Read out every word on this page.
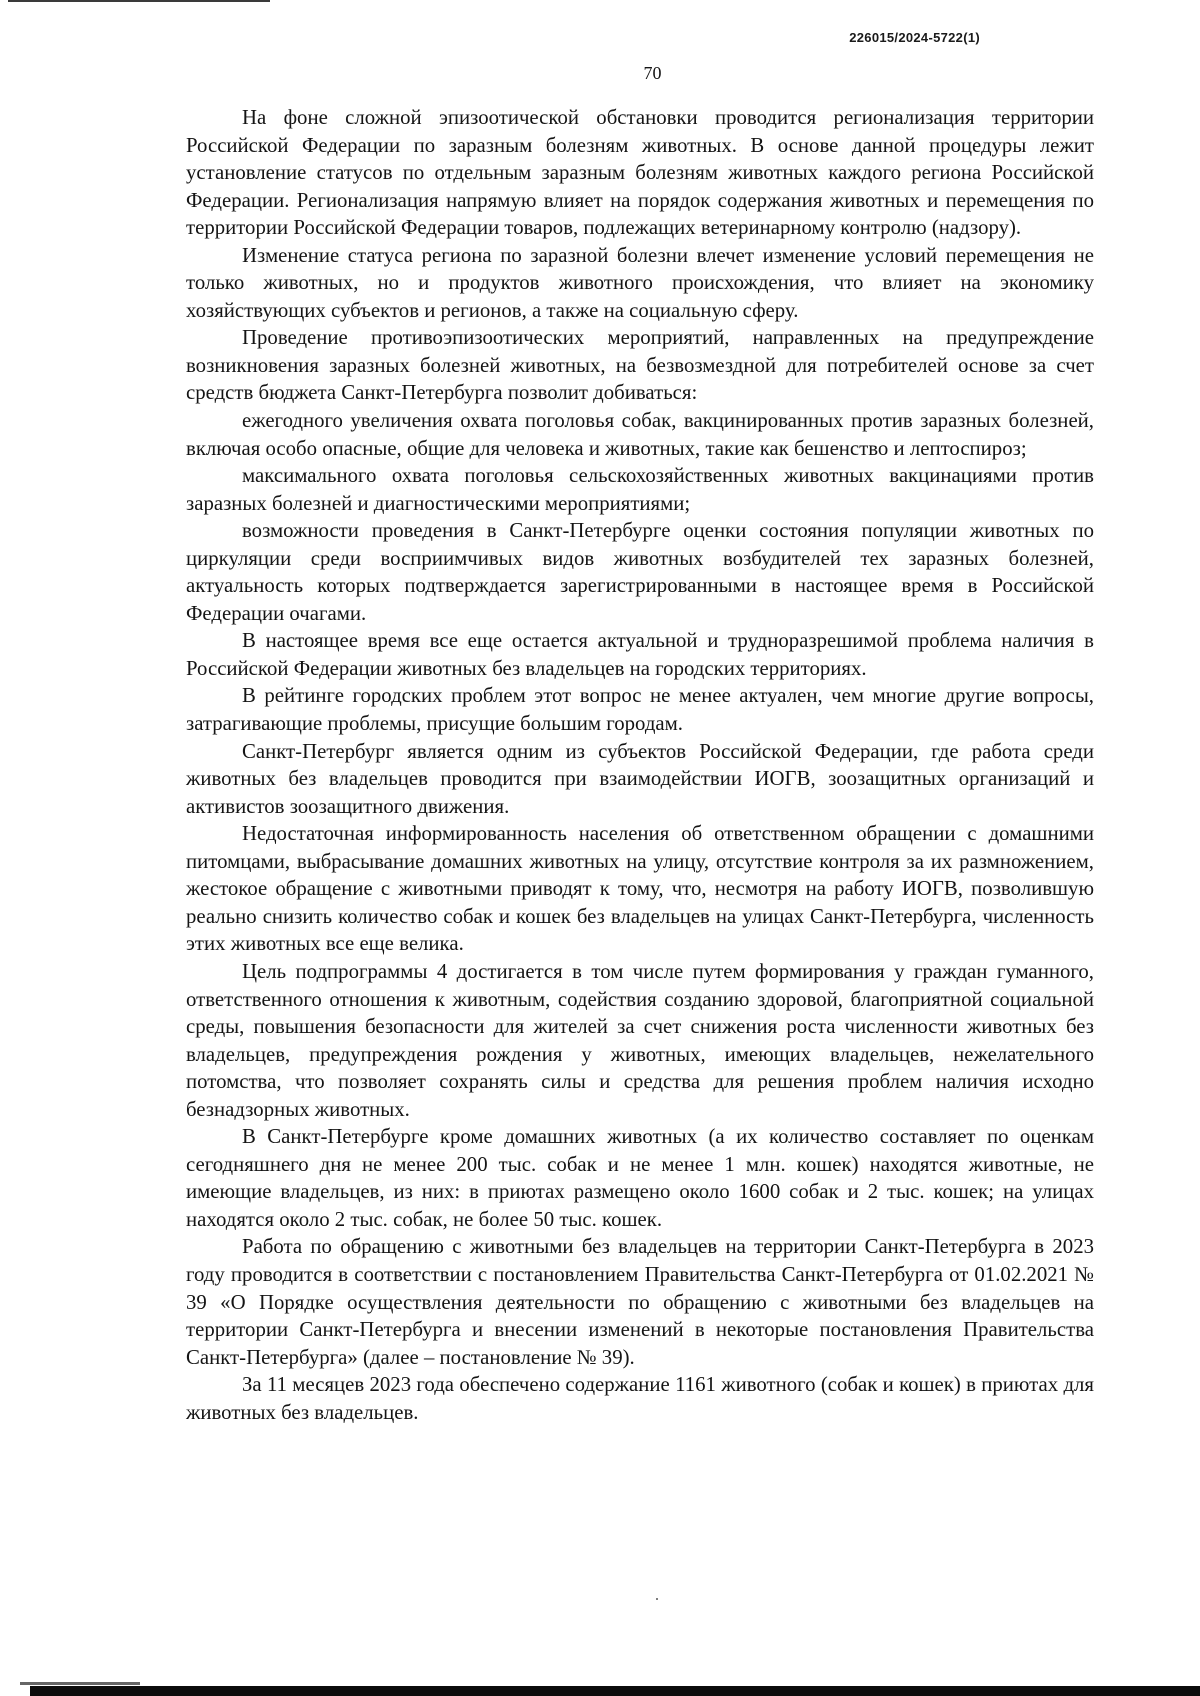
226015/2024-5722(1)
70

На фоне сложной эпизоотической обстановки проводится регионализация территории Российской Федерации по заразным болезням животных. В основе данной процедуры лежит установление статусов по отдельным заразным болезням животных каждого региона Российской Федерации. Регионализация напрямую влияет на порядок содержания животных и перемещения по территории Российской Федерации товаров, подлежащих ветеринарному контролю (надзору).

Изменение статуса региона по заразной болезни влечет изменение условий перемещения не только животных, но и продуктов животного происхождения, что влияет на экономику хозяйствующих субъектов и регионов, а также на социальную сферу.

Проведение противоэпизоотических мероприятий, направленных на предупреждение возникновения заразных болезней животных, на безвозмездной для потребителей основе за счет средств бюджета Санкт-Петербурга позволит добиваться:

ежегодного увеличения охвата поголовья собак, вакцинированных против заразных болезней, включая особо опасные, общие для человека и животных, такие как бешенство и лептоспироз;

максимального охвата поголовья сельскохозяйственных животных вакцинациями против заразных болезней и диагностическими мероприятиями;

возможности проведения в Санкт-Петербурге оценки состояния популяции животных по циркуляции среди восприимчивых видов животных возбудителей тех заразных болезней, актуальность которых подтверждается зарегистрированными в настоящее время в Российской Федерации очагами.

В настоящее время все еще остается актуальной и трудноразрешимой проблема наличия в Российской Федерации животных без владельцев на городских территориях.

В рейтинге городских проблем этот вопрос не менее актуален, чем многие другие вопросы, затрагивающие проблемы, присущие большим городам.

Санкт-Петербург является одним из субъектов Российской Федерации, где работа среди животных без владельцев проводится при взаимодействии ИОГВ, зоозащитных организаций и активистов зоозащитного движения.

Недостаточная информированность населения об ответственном обращении с домашними питомцами, выбрасывание домашних животных на улицу, отсутствие контроля за их размножением, жестокое обращение с животными приводят к тому, что, несмотря на работу ИОГВ, позволившую реально снизить количество собак и кошек без владельцев на улицах Санкт-Петербурга, численность этих животных все еще велика.

Цель подпрограммы 4 достигается в том числе путем формирования у граждан гуманного, ответственного отношения к животным, содействия созданию здоровой, благоприятной социальной среды, повышения безопасности для жителей за счет снижения роста численности животных без владельцев, предупреждения рождения у животных, имеющих владельцев, нежелательного потомства, что позволяет сохранять силы и средства для решения проблем наличия исходно безнадзорных животных.

В Санкт-Петербурге кроме домашних животных (а их количество составляет по оценкам сегодняшнего дня не менее 200 тыс. собак и не менее 1 млн. кошек) находятся животные, не имеющие владельцев, из них: в приютах размещено около 1600 собак и 2 тыс. кошек; на улицах находятся около 2 тыс. собак, не более 50 тыс. кошек.

Работа по обращению с животными без владельцев на территории Санкт-Петербурга в 2023 году проводится в соответствии с постановлением Правительства Санкт-Петербурга от 01.02.2021 № 39 «О Порядке осуществления деятельности по обращению с животными без владельцев на территории Санкт-Петербурга и внесении изменений в некоторые постановления Правительства Санкт-Петербурга» (далее – постановление № 39).

За 11 месяцев 2023 года обеспечено содержание 1161 животного (собак и кошек) в приютах для животных без владельцев.
